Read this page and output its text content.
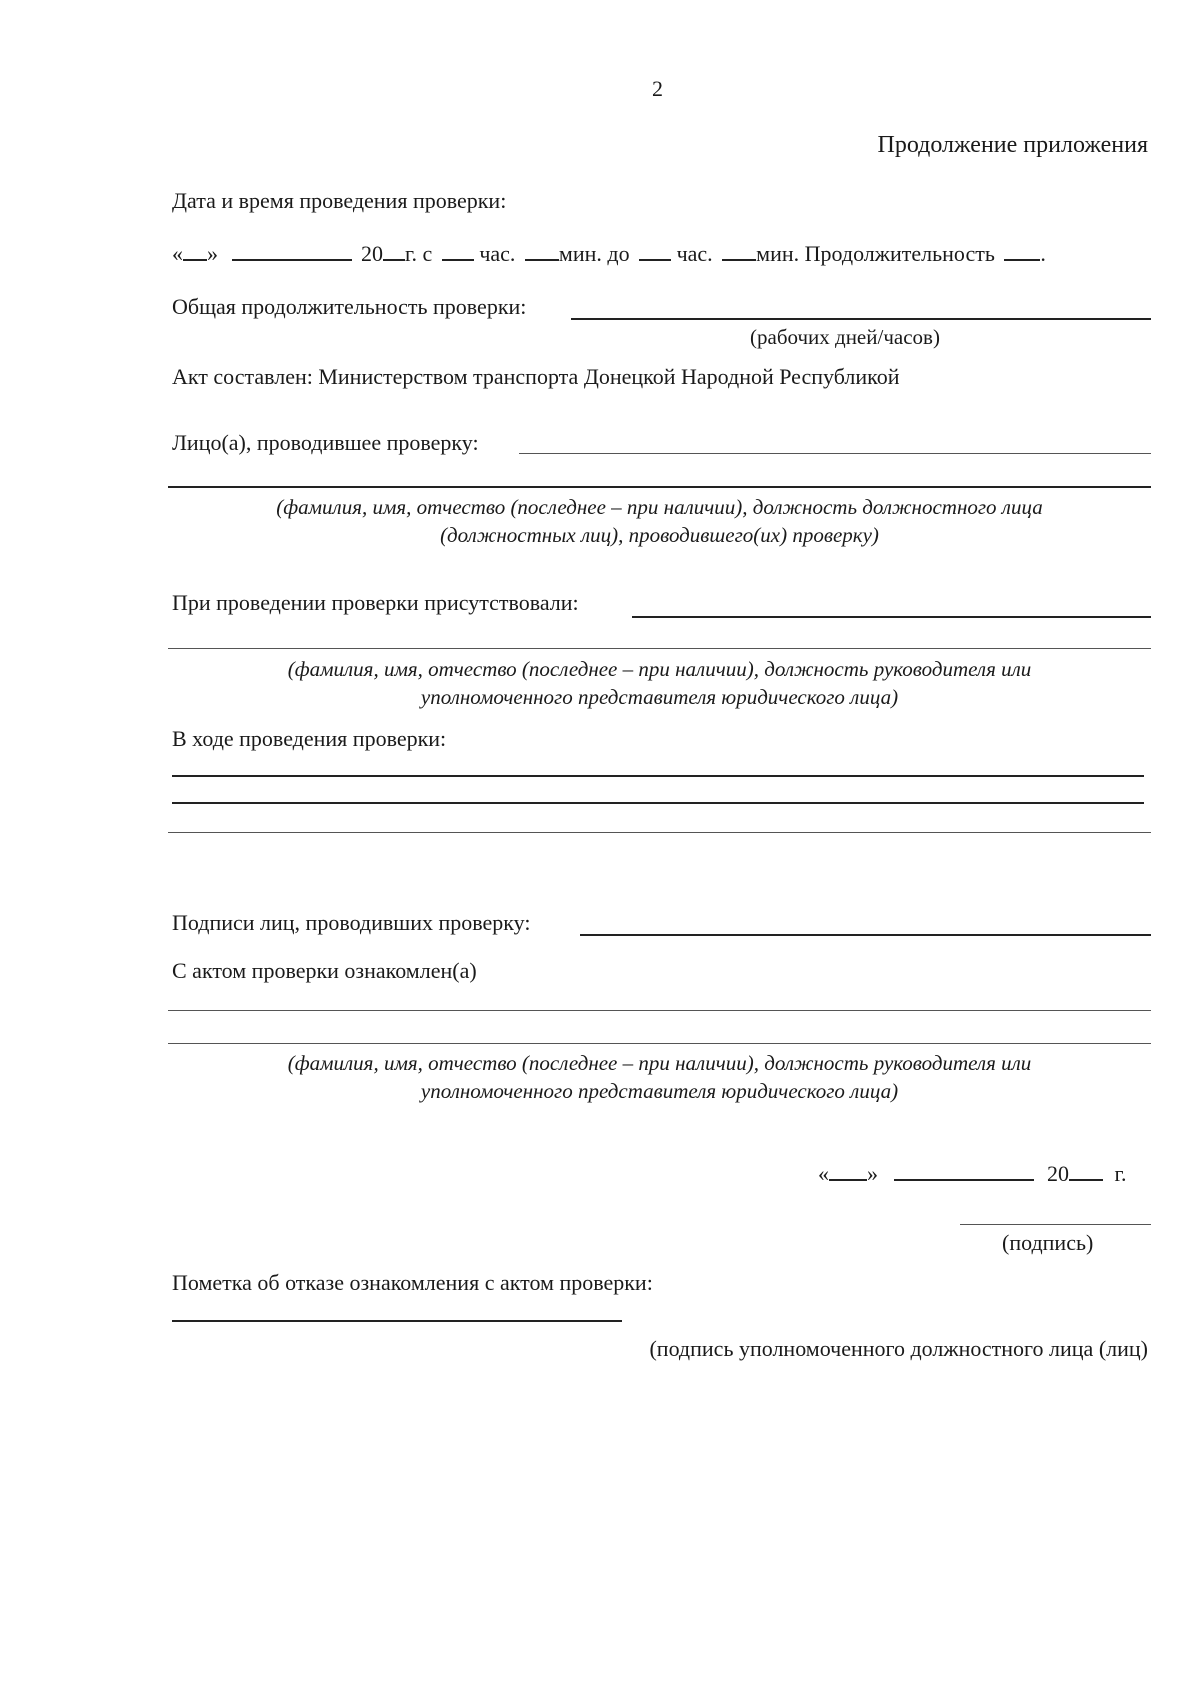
2
Продолжение приложения
Дата и время проведения проверки:
« »	20 г. с час. мин. до час. мин. Продолжительность .
Общая продолжительность проверки:
(рабочих дней/часов)
Акт составлен: Министерством транспорта Донецкой Народной Республикой
Лицо(а), проводившее проверку:
(фамилия, имя, отчество (последнее – при наличии), должность должностного лица
(должностных лиц), проводившего(их) проверку)
При проведении проверки присутствовали:
(фамилия, имя, отчество (последнее – при наличии), должность руководителя или
уполномоченного представителя юридического лица)
В ходе проведения проверки:
Подписи лиц, проводивших проверку:
С актом проверки ознакомлен(а)
(фамилия, имя, отчество (последнее – при наличии), должность руководителя или
уполномоченного представителя юридического лица)
« »	20 г.
(подпись)
Пометка об отказе ознакомления с актом проверки:
(подпись уполномоченного должностного лица (лиц)
